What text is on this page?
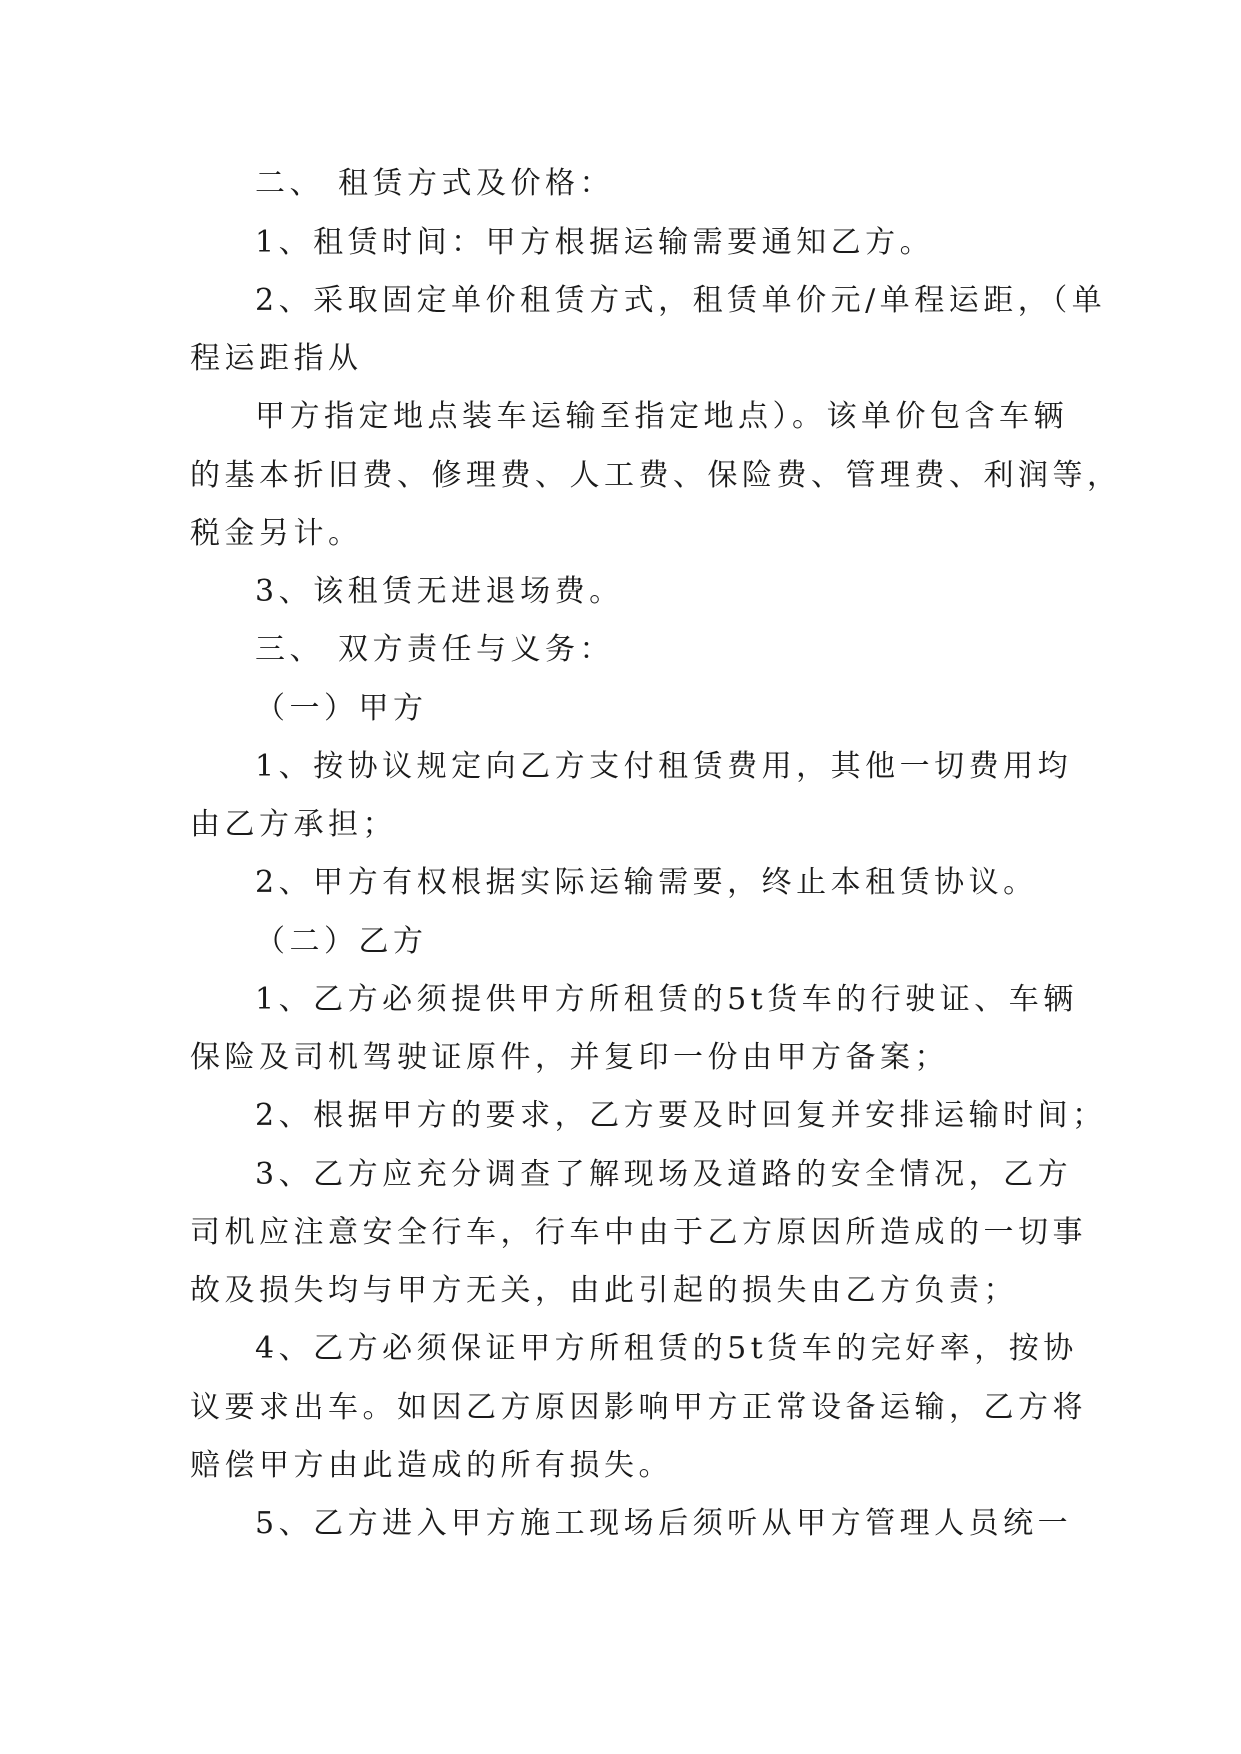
二、 租赁方式及价格：
1、租赁时间：甲方根据运输需要通知乙方。
2、采取固定单价租赁方式，租赁单价元/单程运距，（单
程运距指从
甲方指定地点装车运输至指定地点）。该单价包含车辆
的基本折旧费、修理费、人工费、保险费、管理费、利润等，
税金另计。
3、该租赁无进退场费。
三、 双方责任与义务：
（一）甲方
1、按协议规定向乙方支付租赁费用，其他一切费用均
由乙方承担；
2、甲方有权根据实际运输需要，终止本租赁协议。
（二）乙方
1、乙方必须提供甲方所租赁的5t货车的行驶证、车辆
保险及司机驾驶证原件，并复印一份由甲方备案；
2、根据甲方的要求，乙方要及时回复并安排运输时间；
3、乙方应充分调查了解现场及道路的安全情况，乙方
司机应注意安全行车，行车中由于乙方原因所造成的一切事
故及损失均与甲方无关，由此引起的损失由乙方负责；
4、乙方必须保证甲方所租赁的5t货车的完好率，按协
议要求出车。如因乙方原因影响甲方正常设备运输，乙方将
赔偿甲方由此造成的所有损失。
5、乙方进入甲方施工现场后须听从甲方管理人员统一
